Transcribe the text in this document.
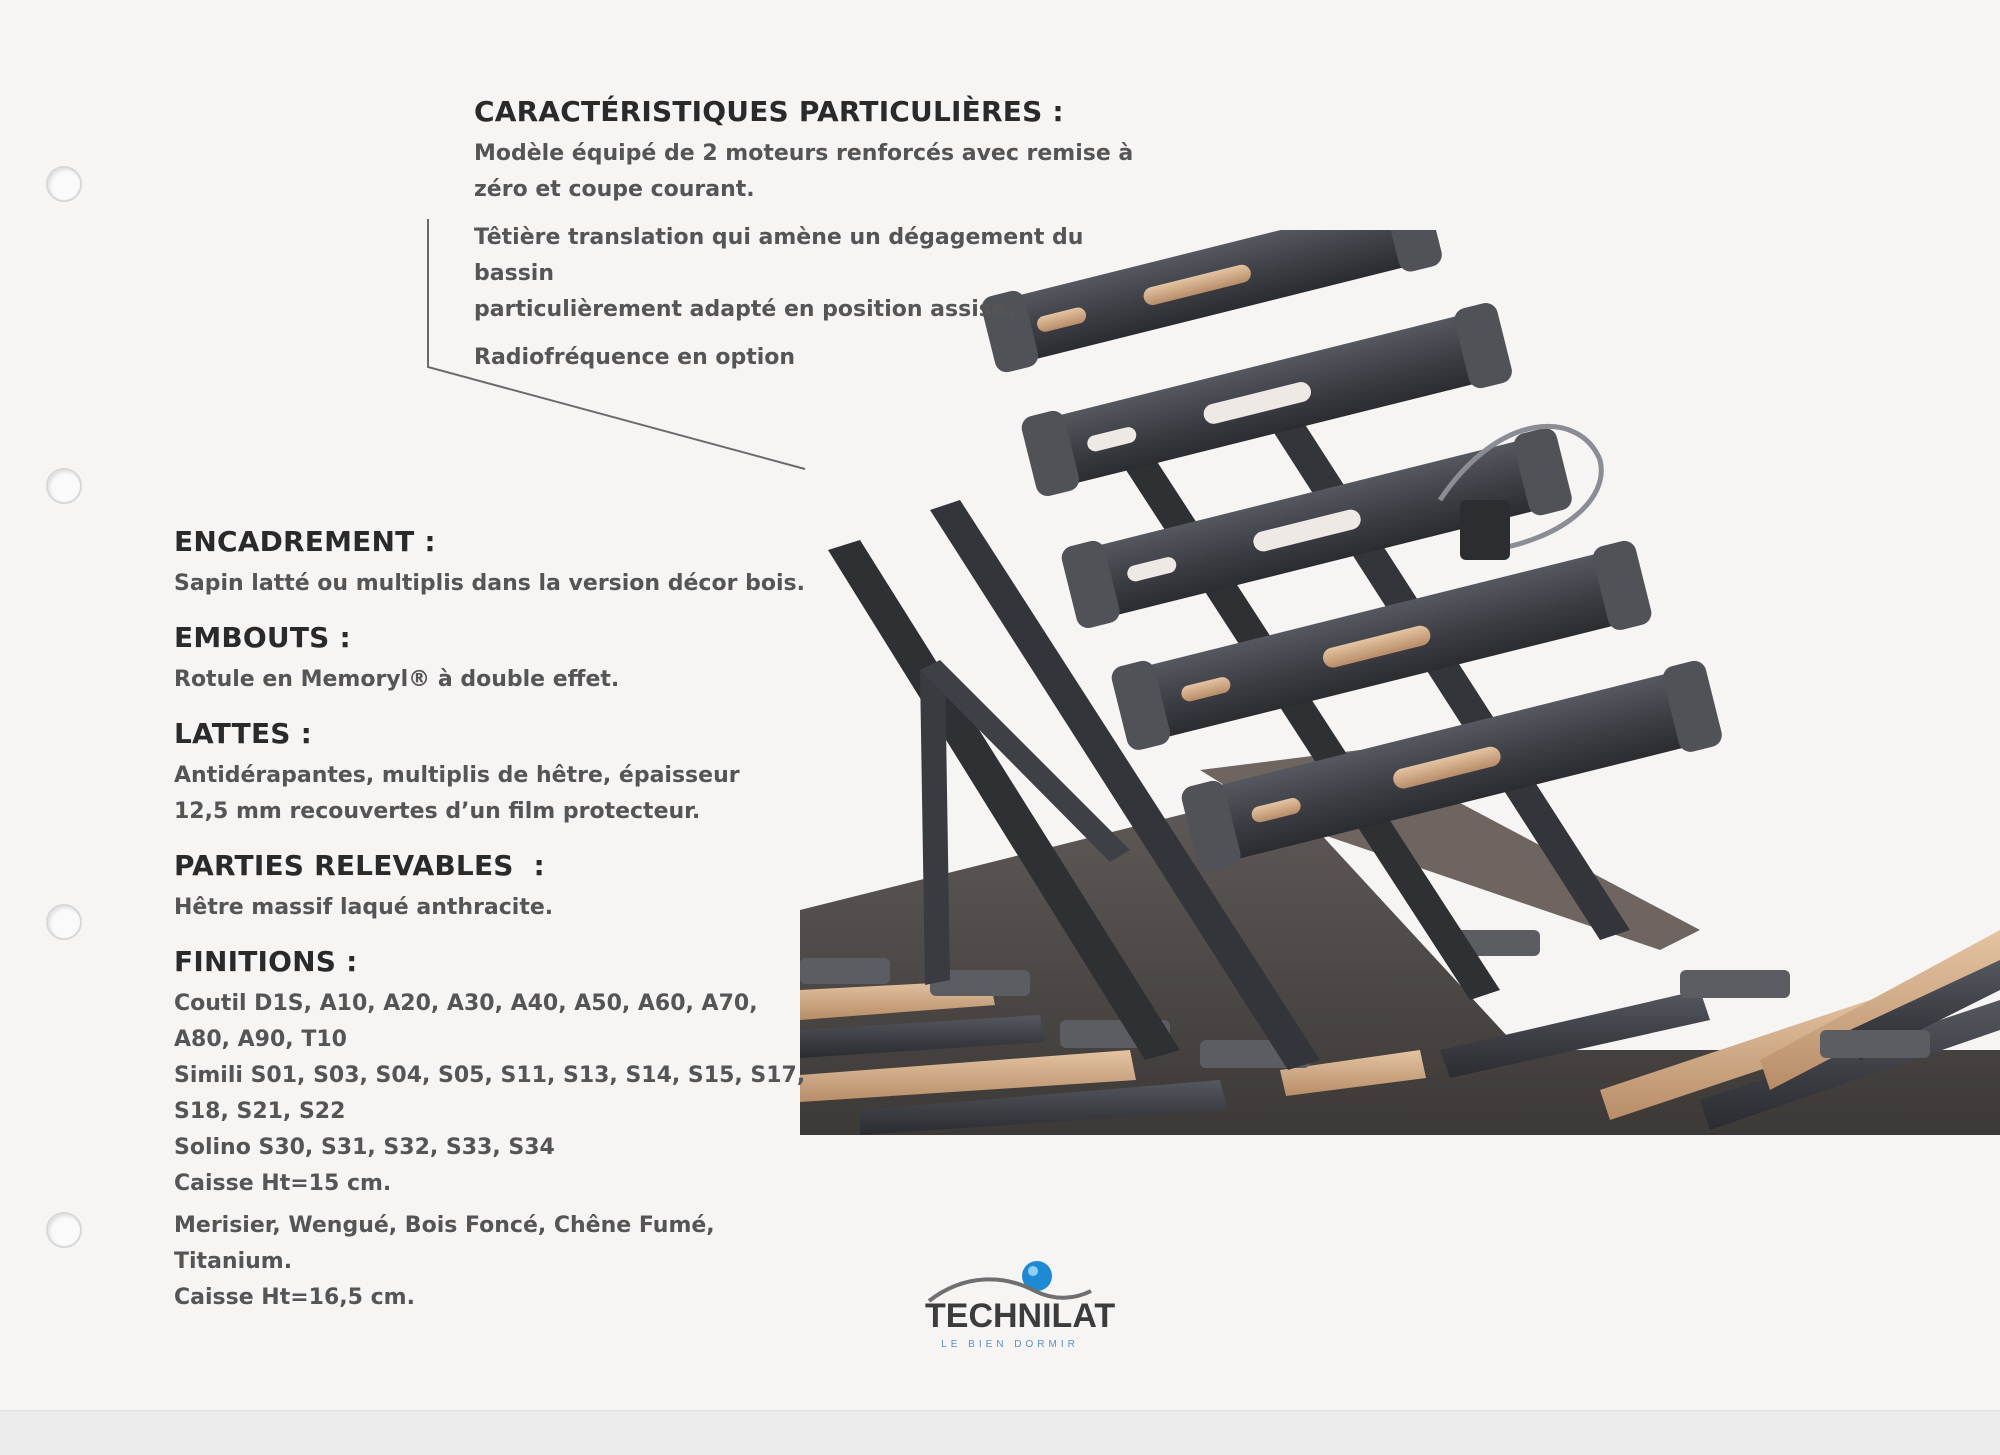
CARACTÉRISTIQUES PARTICULIÈRES :

Modèle équipé de 2 moteurs renforcés avec remise à

zéro et coupe courant.

Têtière translation qui amène un dégagement du bassin

particulièrement adapté en position assise.

Radiofréquence en option

ENCADREMENT :

Sapin latté ou multiplis dans la version décor bois.

EMBOUTS :

Rotule en Memoryl® à double effet.

LATTES :

Antidérapantes, multiplis de hêtre, épaisseur

12,5 mm recouvertes d’un film protecteur.

PARTIES RELEVABLES  :

Hêtre massif laqué anthracite.

FINITIONS :

Coutil D1S, A10, A20, A30, A40, A50, A60, A70,

A80, A90, T10

Simili S01, S03, S04, S05, S11, S13, S14, S15, S17,

S18, S21, S22

Solino S30, S31, S32, S33, S34

Caisse Ht=15 cm.

Merisier, Wengué, Bois Foncé, Chêne Fumé,

Titanium.

Caisse Ht=16,5 cm.	TECHNILAT
LE BIEN DORMIR
